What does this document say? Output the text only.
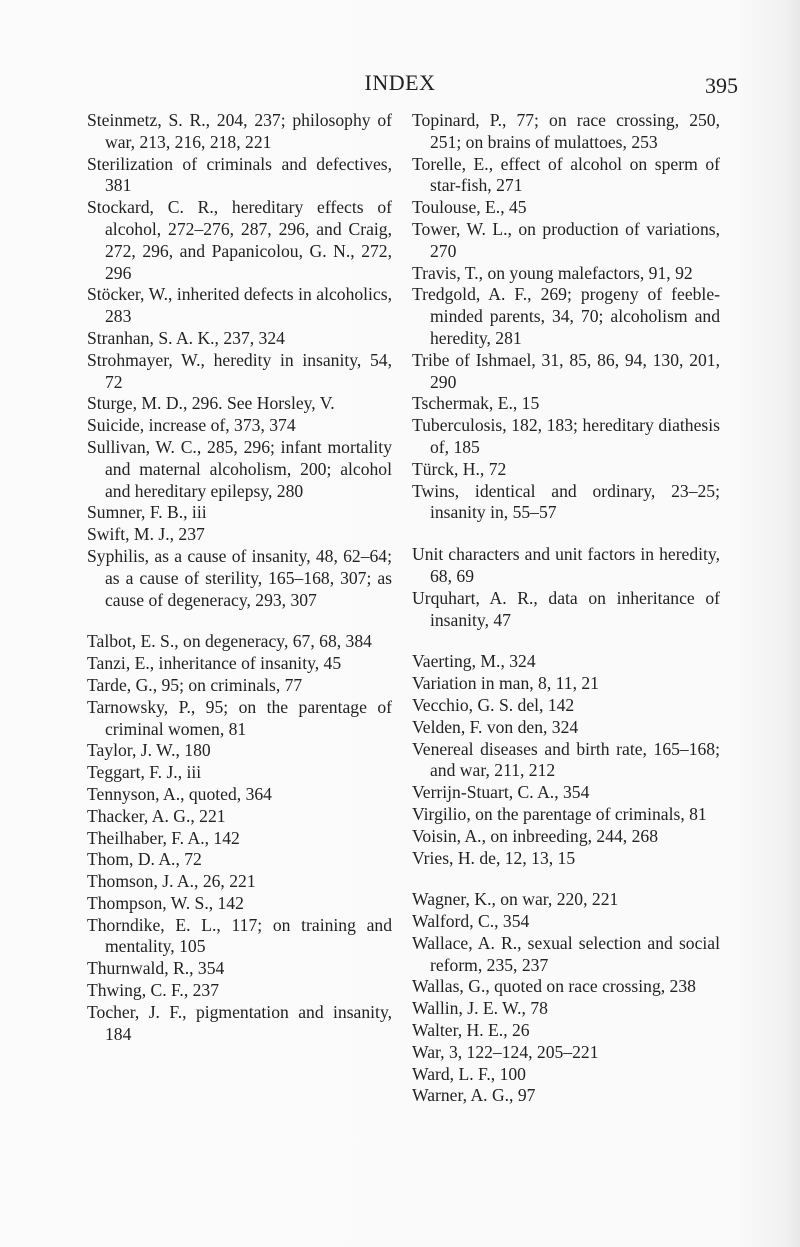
INDEX	395

Steinmetz, S. R., 204, 237; philosophy of war, 213, 216, 218, 221

Sterilization of criminals and defectives, 381

Stockard, C. R., hereditary effects of alcohol, 272–276, 287, 296, and Craig, 272, 296, and Papanicolou, G. N., 272, 296

Stöcker, W., inherited defects in alcoholics, 283

Stranhan, S. A. K., 237, 324

Strohmayer, W., heredity in insanity, 54, 72

Sturge, M. D., 296. See Horsley, V.

Suicide, increase of, 373, 374

Sullivan, W. C., 285, 296; infant mortality and maternal alcoholism, 200; alcohol and hereditary epilepsy, 280

Sumner, F. B., iii

Swift, M. J., 237

Syphilis, as a cause of insanity, 48, 62–64; as a cause of sterility, 165–168, 307; as cause of degeneracy, 293, 307

Talbot, E. S., on degeneracy, 67, 68, 384

Tanzi, E., inheritance of insanity, 45

Tarde, G., 95; on criminals, 77

Tarnowsky, P., 95; on the parentage of criminal women, 81

Taylor, J. W., 180

Teggart, F. J., iii

Tennyson, A., quoted, 364

Thacker, A. G., 221

Theilhaber, F. A., 142

Thom, D. A., 72

Thomson, J. A., 26, 221

Thompson, W. S., 142

Thorndike, E. L., 117; on training and mentality, 105

Thurnwald, R., 354

Thwing, C. F., 237

Tocher, J. F., pigmentation and insanity, 184

Topinard, P., 77; on race crossing, 250, 251; on brains of mulattoes, 253

Torelle, E., effect of alcohol on sperm of star-fish, 271

Toulouse, E., 45

Tower, W. L., on production of variations, 270

Travis, T., on young malefactors, 91, 92

Tredgold, A. F., 269; progeny of feeble-minded parents, 34, 70; alcoholism and heredity, 281

Tribe of Ishmael, 31, 85, 86, 94, 130, 201, 290

Tschermak, E., 15

Tuberculosis, 182, 183; hereditary diathesis of, 185

Türck, H., 72

Twins, identical and ordinary, 23–25; insanity in, 55–57

Unit characters and unit factors in heredity, 68, 69

Urquhart, A. R., data on inheritance of insanity, 47

Vaerting, M., 324

Variation in man, 8, 11, 21

Vecchio, G. S. del, 142

Velden, F. von den, 324

Venereal diseases and birth rate, 165–168; and war, 211, 212

Verrijn-Stuart, C. A., 354

Virgilio, on the parentage of criminals, 81

Voisin, A., on inbreeding, 244, 268

Vries, H. de, 12, 13, 15

Wagner, K., on war, 220, 221

Walford, C., 354

Wallace, A. R., sexual selection and social reform, 235, 237

Wallas, G., quoted on race crossing, 238

Wallin, J. E. W., 78

Walter, H. E., 26

War, 3, 122–124, 205–221

Ward, L. F., 100

Warner, A. G., 97
